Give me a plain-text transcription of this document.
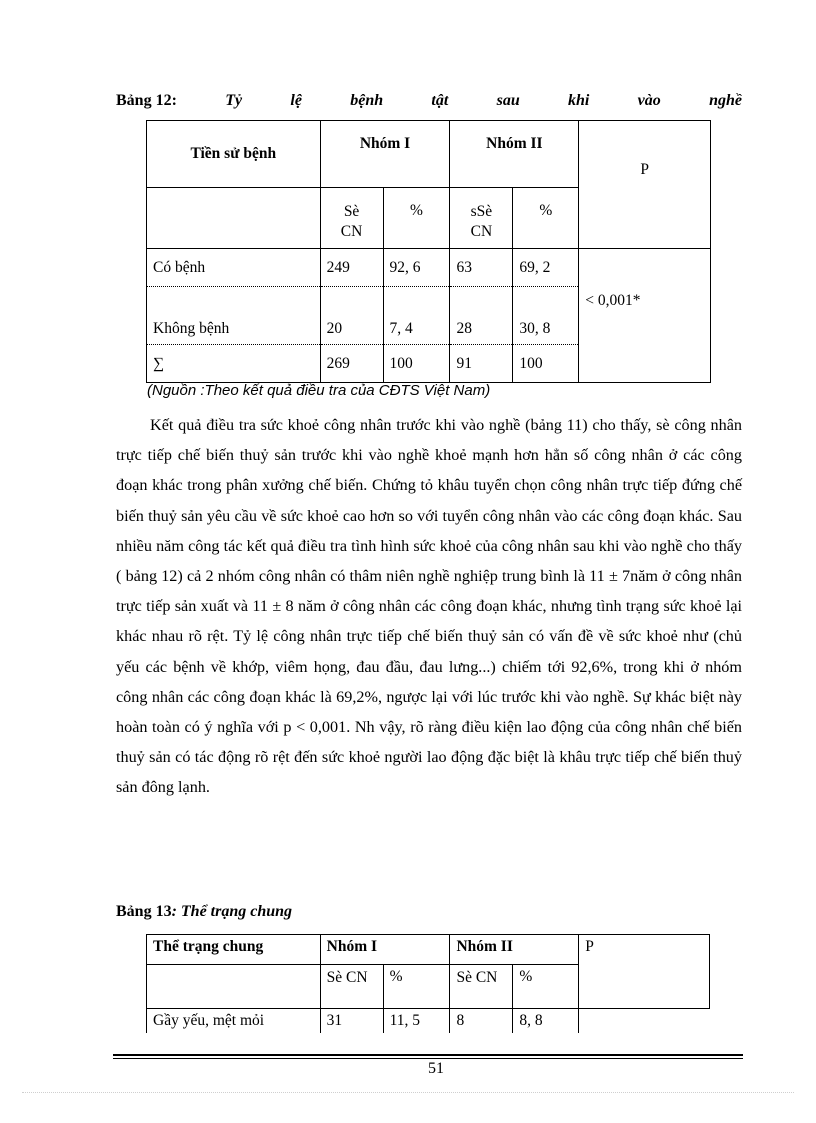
Bảng 12:	Tỷ	lệ	bệnh	tật	sau	khi	vào	nghề
Tiền sử bệnh	Nhóm I		Nhóm II		P
	Sè CN	%	sSè CN	%	
Có bệnh	249	92, 6	63	69, 2	< 0,001*
Không bệnh	20	7, 4	28	30, 8	
∑	269	100	91	100	
(Nguồn :Theo kết quả điều tra của CĐTS Việt Nam)

Kết quả điều tra sức khoẻ công nhân trước khi vào nghề (bảng 11) cho thấy, sè công nhân trực tiếp chế biến thuỷ sản trước khi vào nghề khoẻ mạnh hơn hẳn số công nhân ở các công đoạn khác trong phân xưởng chế biến. Chứng tỏ khâu tuyển chọn công nhân trực tiếp đứng chế biến thuỷ sản yêu cầu về sức khoẻ cao hơn so với tuyển công nhân vào các công đoạn khác. Sau nhiều năm công tác kết quả điều tra tình hình sức khoẻ của công nhân sau khi vào nghề cho thấy ( bảng 12) cả 2 nhóm công nhân có thâm niên nghề nghiệp trung bình là 11 ± 7năm ở công nhân trực tiếp sản xuất và 11 ± 8 năm ở công nhân các công đoạn khác, nhưng tình trạng sức khoẻ lại khác nhau rõ rệt. Tỷ lệ công nhân trực tiếp chế biến thuỷ sản có vấn đề về sức khoẻ như (chủ yếu các bệnh về khớp, viêm họng, đau đầu, đau lưng...) chiếm tới 92,6%, trong khi ở nhóm công nhân các công đoạn khác là 69,2%, ngược lại với lúc trước khi vào nghề. Sự khác biệt này hoàn toàn có ý nghĩa với p < 0,001. Nh vậy, rõ ràng điều kiện lao động của công nhân chế biến thuỷ sản có tác động rõ rệt đến sức khoẻ người lao động đặc biệt là khâu trực tiếp chế biến thuỷ sản đông lạnh.

Bảng 13: Thể trạng chung
Thể trạng chung	Nhóm I		Nhóm II		P
	Sè CN	%	Sè CN	%	
Gầy yếu, mệt mỏi	31	11, 5	8	8, 8	
51
